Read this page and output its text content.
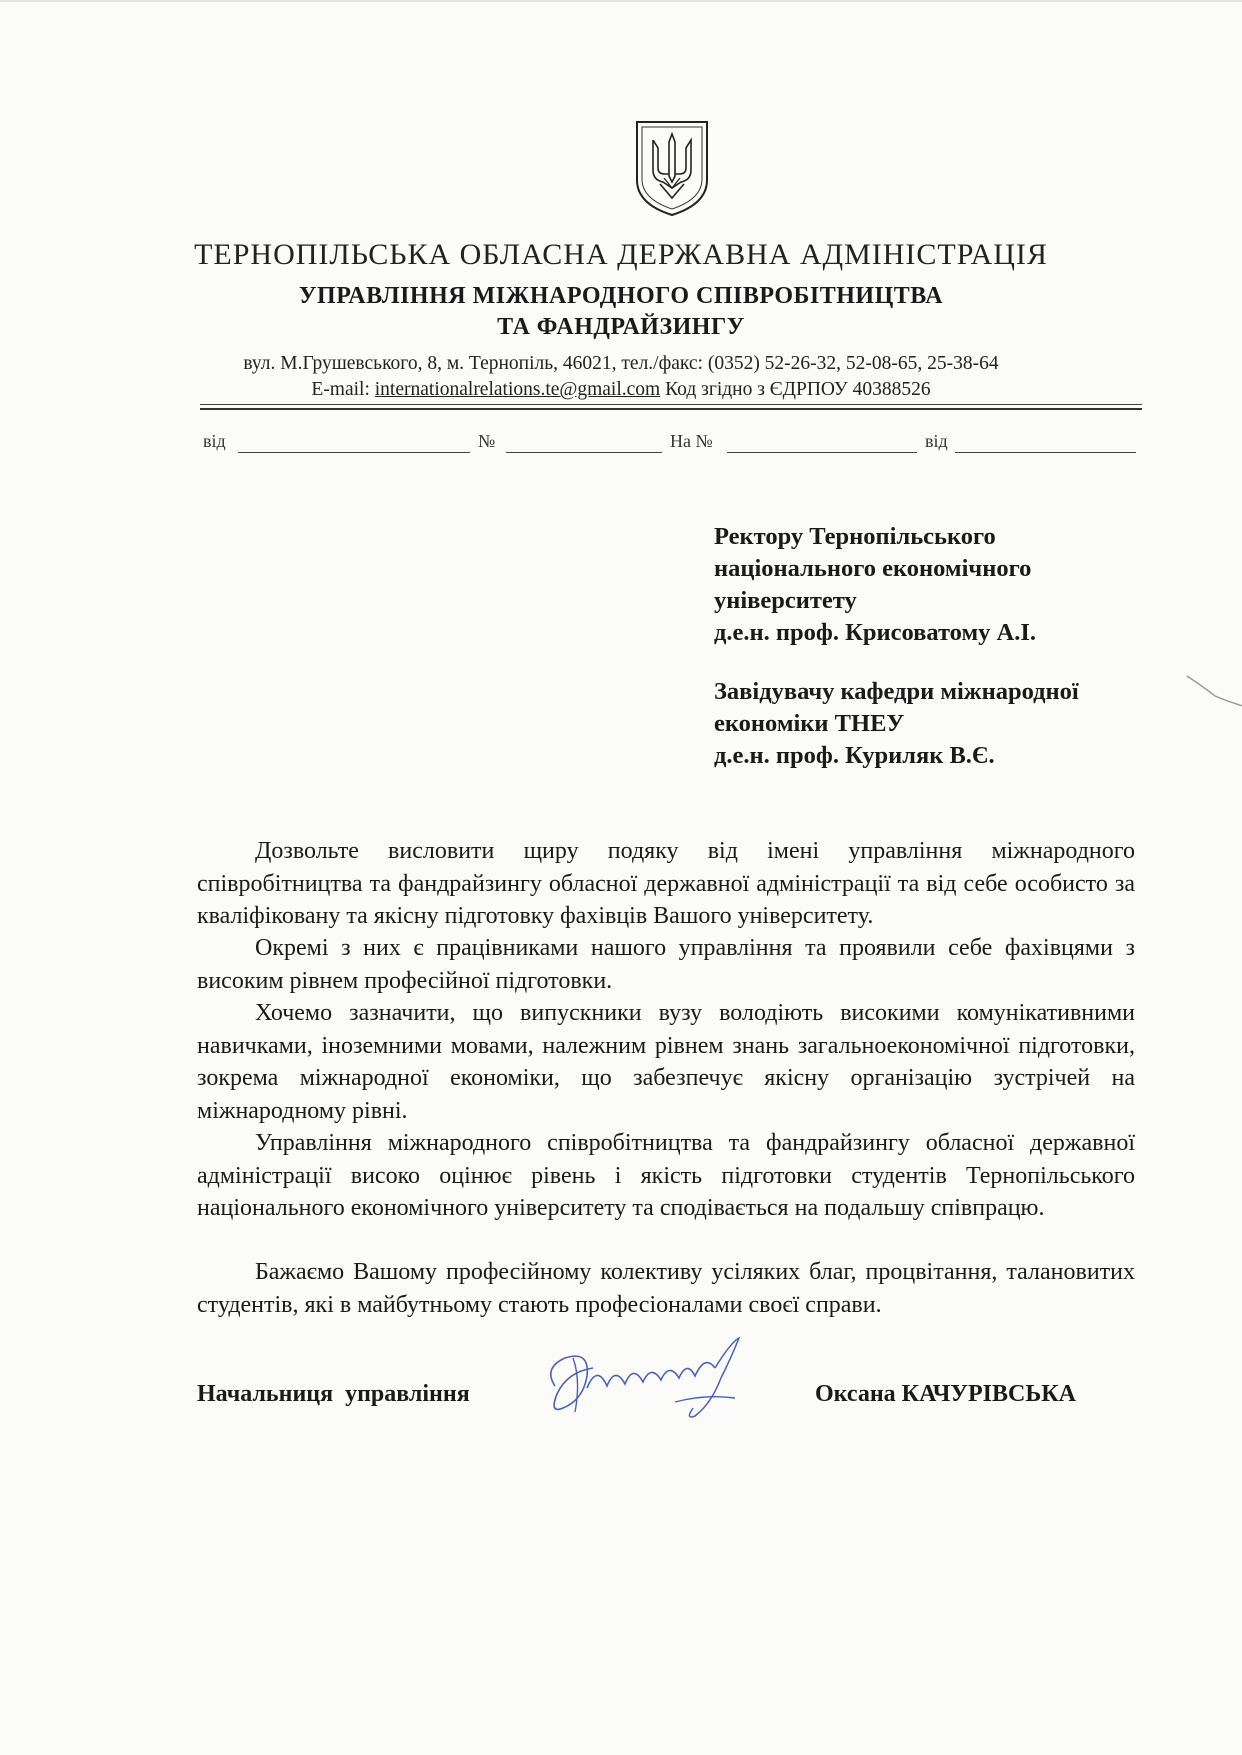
ТЕРНОПІЛЬСЬКА ОБЛАСНА ДЕРЖАВНА АДМІНІСТРАЦІЯ
УПРАВЛІННЯ МІЖНАРОДНОГО СПІВРОБІТНИЦТВА
ТА ФАНДРАЙЗИНГУ
вул. М.Грушевського, 8, м. Тернопіль, 46021, тел./факс: (0352) 52-26-32, 52-08-65, 25-38-64
E-mail: internationalrelations.te@gmail.com Код згідно з ЄДРПОУ 40388526
від	№	На №	від
Ректору Тернопільського
національного економічного
університету
д.е.н. проф. Крисоватому А.І.
Завідувачу кафедри міжнародної
економіки ТНЕУ
д.е.н. проф. Куриляк В.Є.
Дозвольте висловити щиру подяку від імені управління міжнародного співробітництва та фандрайзингу обласної державної адміністрації та від себе особисто за кваліфіковану та якісну підготовку фахівців Вашого університету.
Окремі з них є працівниками нашого управління та проявили себе фахівцями з високим рівнем професійної підготовки.
Хочемо зазначити, що випускники вузу володіють високими комунікативними навичками, іноземними мовами, належним рівнем знань загальноекономічної підготовки, зокрема міжнародної економіки, що забезпечує якісну організацію зустрічей на міжнародному рівні.
Управління міжнародного співробітництва та фандрайзингу обласної державної адміністрації високо оцінює рівень і якість підготовки студентів Тернопільського національного економічного університету та сподівається на подальшу співпрацю.
Бажаємо Вашому професійному колективу усіляких благ, процвітання, талановитих студентів, які в майбутньому стають професіоналами своєї справи.
Начальниця управління	Оксана КАЧУРІВСЬКА
